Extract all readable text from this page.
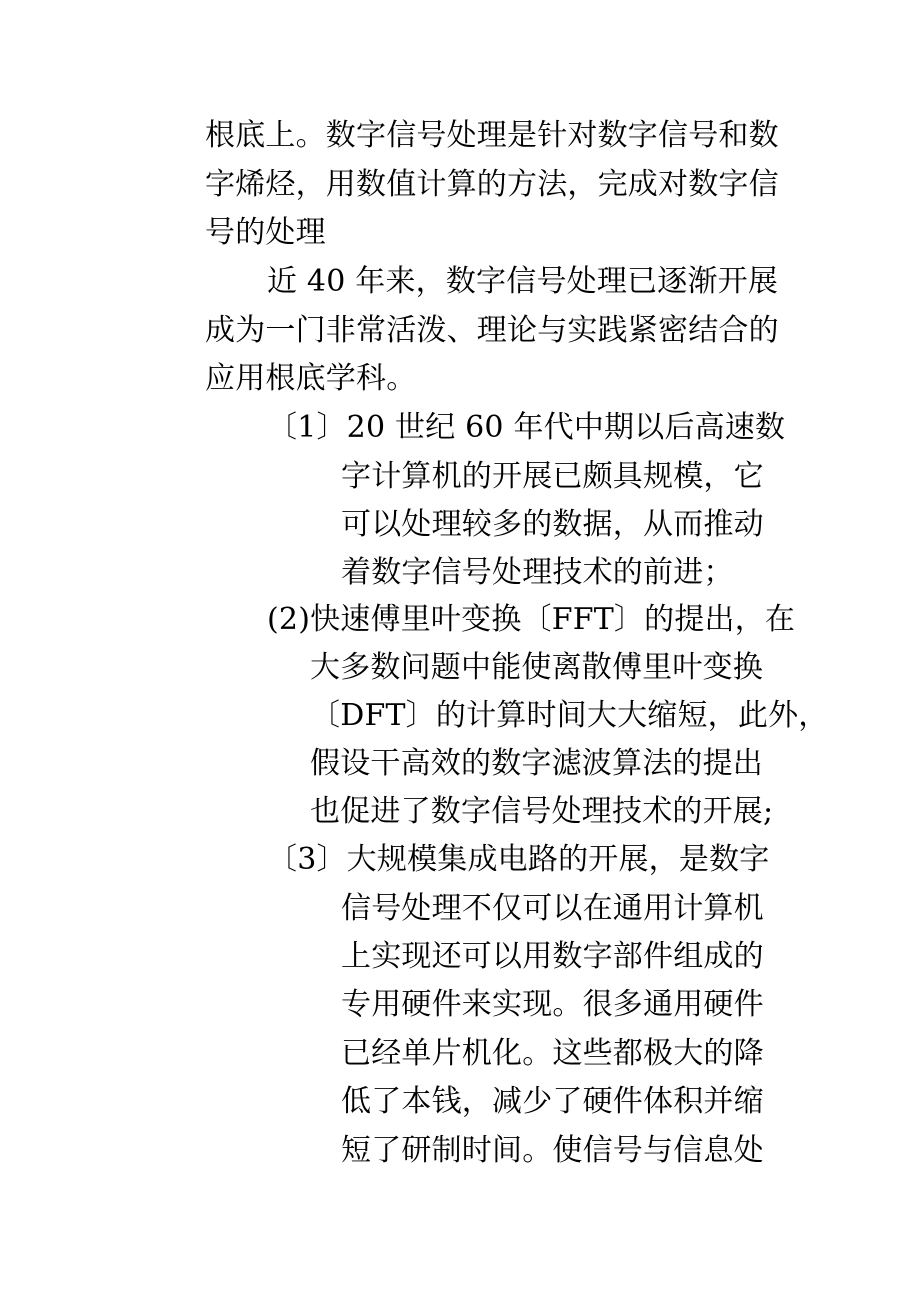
根底上。数字信号处理是针对数字信号和数
字烯烃，用数值计算的方法，完成对数字信
号的处理
近 40 年来，数字信号处理已逐渐开展
成为一门非常活泼、理论与实践紧密结合的
应用根底学科。
〔1〕20 世纪 60 年代中期以后高速数
字计算机的开展已颇具规模，它
可以处理较多的数据，从而推动
着数字信号处理技术的前进；
(2)快速傅里叶变换〔FFT〕的提出，在
大多数问题中能使离散傅里叶变换
〔DFT〕的计算时间大大缩短，此外，
假设干高效的数字滤波算法的提出
也促进了数字信号处理技术的开展;
〔3〕大规模集成电路的开展，是数字
信号处理不仅可以在通用计算机
上实现还可以用数字部件组成的
专用硬件来实现。很多通用硬件
已经单片机化。这些都极大的降
低了本钱，减少了硬件体积并缩
短了研制时间。使信号与信息处
